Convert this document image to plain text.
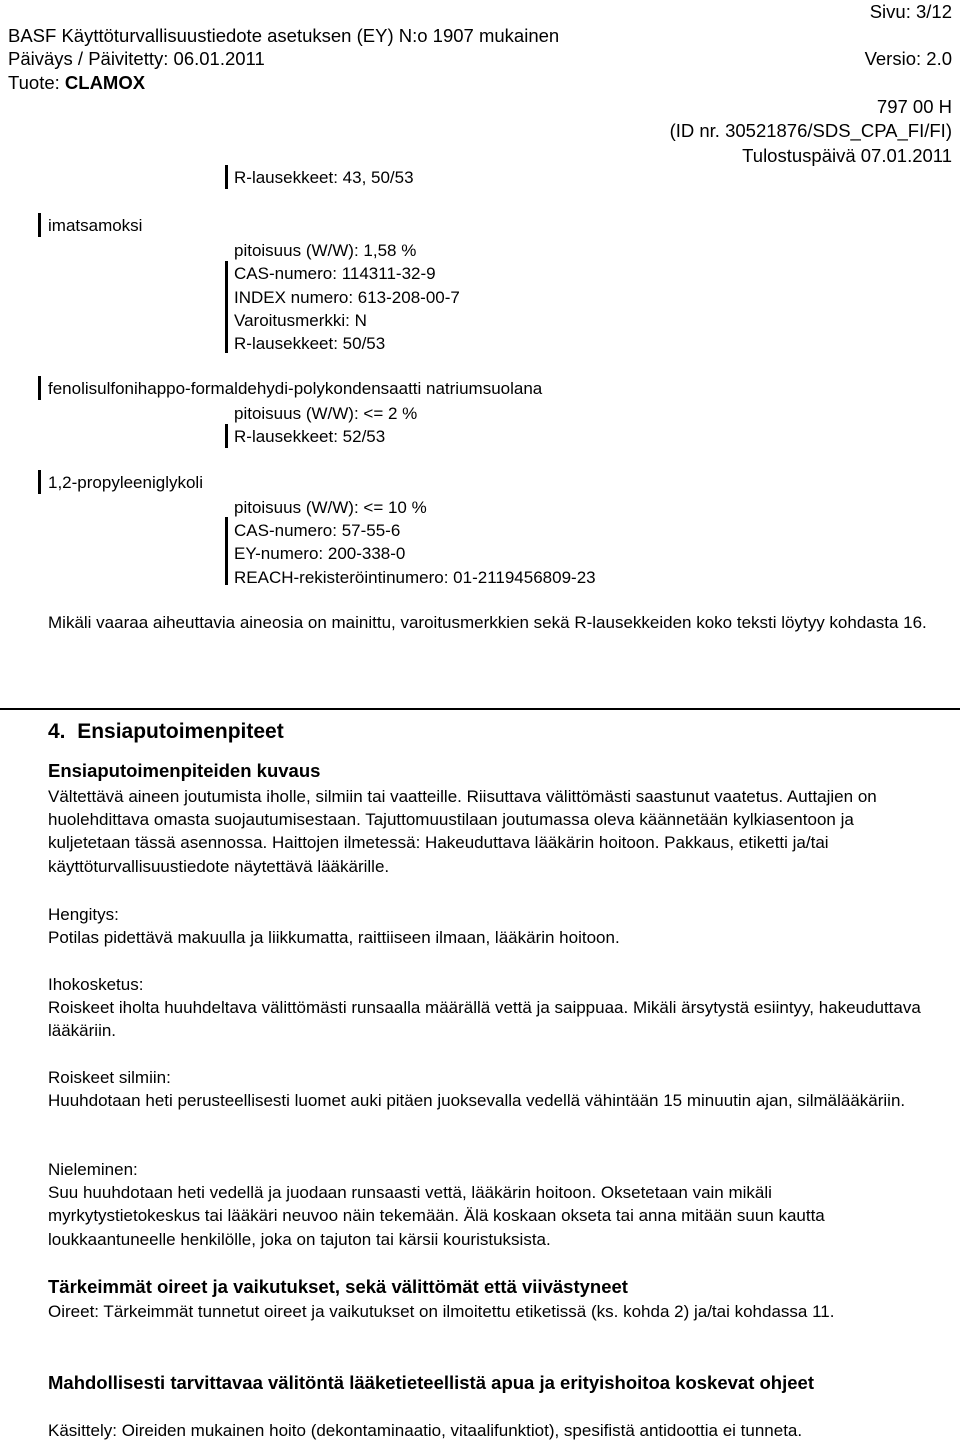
BASF Käyttöturvallisuustiedote asetuksen (EY) N:o 1907 mukainen
Sivu: 3/12
Päiväys / Päivitetty: 06.01.2011	Versio: 2.0
Tuote: CLAMOX
797 00 H
(ID nr. 30521876/SDS_CPA_FI/FI)
Tulostuspäivä 07.01.2011
R-lausekkeet: 43, 50/53
imatsamoksi
pitoisuus (W/W): 1,58 %
CAS-numero: 114311-32-9
INDEX numero: 613-208-00-7
Varoitusmerkki: N
R-lausekkeet: 50/53
fenolisulfonihappo-formaldehydi-polykondensaatti natriumsuolana
pitoisuus (W/W): <= 2 %
R-lausekkeet: 52/53
1,2-propyleeniglykoli
pitoisuus (W/W): <= 10 %
CAS-numero: 57-55-6
EY-numero: 200-338-0
REACH-rekisteröintinumero: 01-2119456809-23
Mikäli vaaraa aiheuttavia aineosia on mainittu, varoitusmerkkien sekä R-lausekkeiden koko teksti löytyy kohdasta 16.
4. Ensiaputoimenpiteet
Ensiaputoimenpiteiden kuvaus
Vältettävä aineen joutumista iholle, silmiin tai vaatteille. Riisuttava välittömästi saastunut vaatetus. Auttajien on huolehdittava omasta suojautumisestaan. Tajuttomuustilaan joutumassa oleva käännetään kylkiasentoon ja kuljetetaan tässä asennossa. Haittojen ilmetessä: Hakeuduttava lääkärin hoitoon. Pakkaus, etiketti ja/tai käyttöturvallisuustiedote näytettävä lääkärille.
Hengitys:
Potilas pidettävä makuulla ja liikkumatta, raittiiseen ilmaan, lääkärin hoitoon.
Ihokosketus:
Roiskeet iholta huuhdeltava välittömästi runsaalla määrällä vettä ja saippuaa. Mikäli ärsytystä esiintyy, hakeuduttava lääkäriin.
Roiskeet silmiin:
Huuhdotaan heti perusteellisesti luomet auki pitäen juoksevalla vedellä vähintään 15 minuutin ajan, silmälääkäriin.
Nieleminen:
Suu huuhdotaan heti vedellä ja juodaan runsaasti vettä, lääkärin hoitoon. Oksetetaan vain mikäli myrkytystietokeskus tai lääkäri neuvoo näin tekemään. Älä koskaan okseta tai anna mitään suun kautta loukkaantuneelle henkilölle, joka on tajuton tai kärsii kouristuksista.
Tärkeimmät oireet ja vaikutukset, sekä välittömät että viivästyneet
Oireet: Tärkeimmät tunnetut oireet ja vaikutukset on ilmoitettu etiketissä (ks. kohda 2) ja/tai kohdassa 11.
Mahdollisesti tarvittavaa välitöntä lääketieteellistä apua ja erityishoitoa koskevat ohjeet
Käsittely: Oireiden mukainen hoito (dekontaminaatio, vitaalifunktiot), spesifistä antidoottia ei tunneta.
